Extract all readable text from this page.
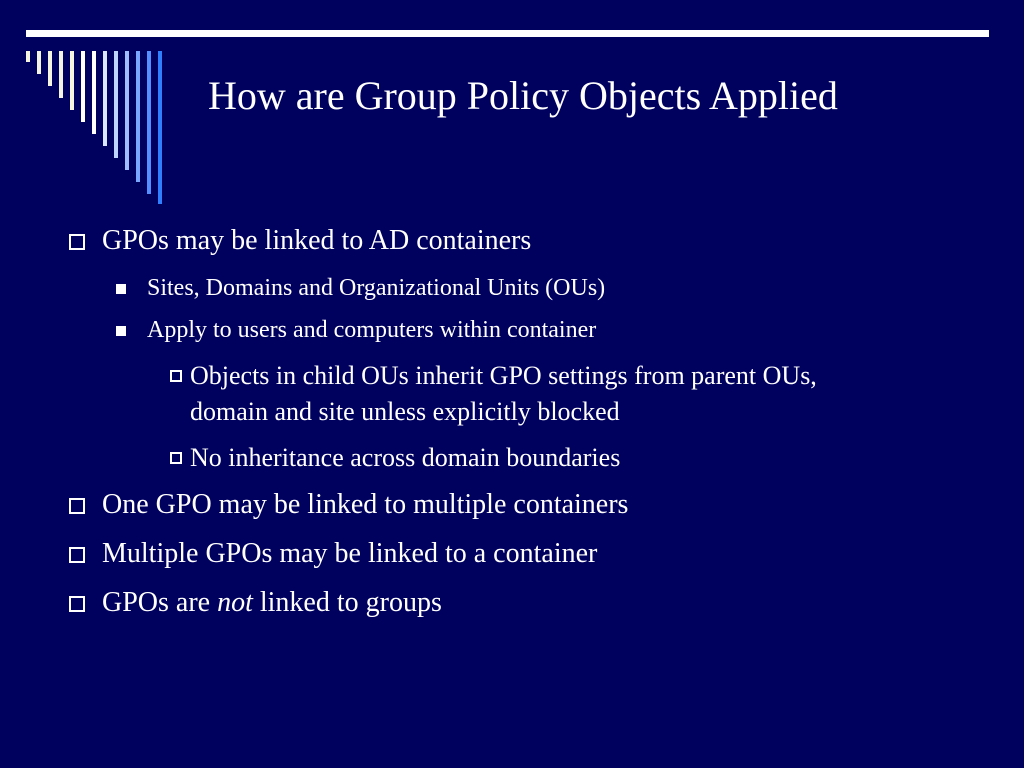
How are Group Policy Objects Applied
GPOs may be linked to AD containers
Sites, Domains and Organizational Units (OUs)
Apply to users and computers within container
Objects in child OUs inherit GPO settings from parent OUs,
domain and site unless explicitly blocked
No inheritance across domain boundaries
One GPO may be linked to multiple containers
Multiple GPOs may be linked to a container
GPOs are not linked to groups
